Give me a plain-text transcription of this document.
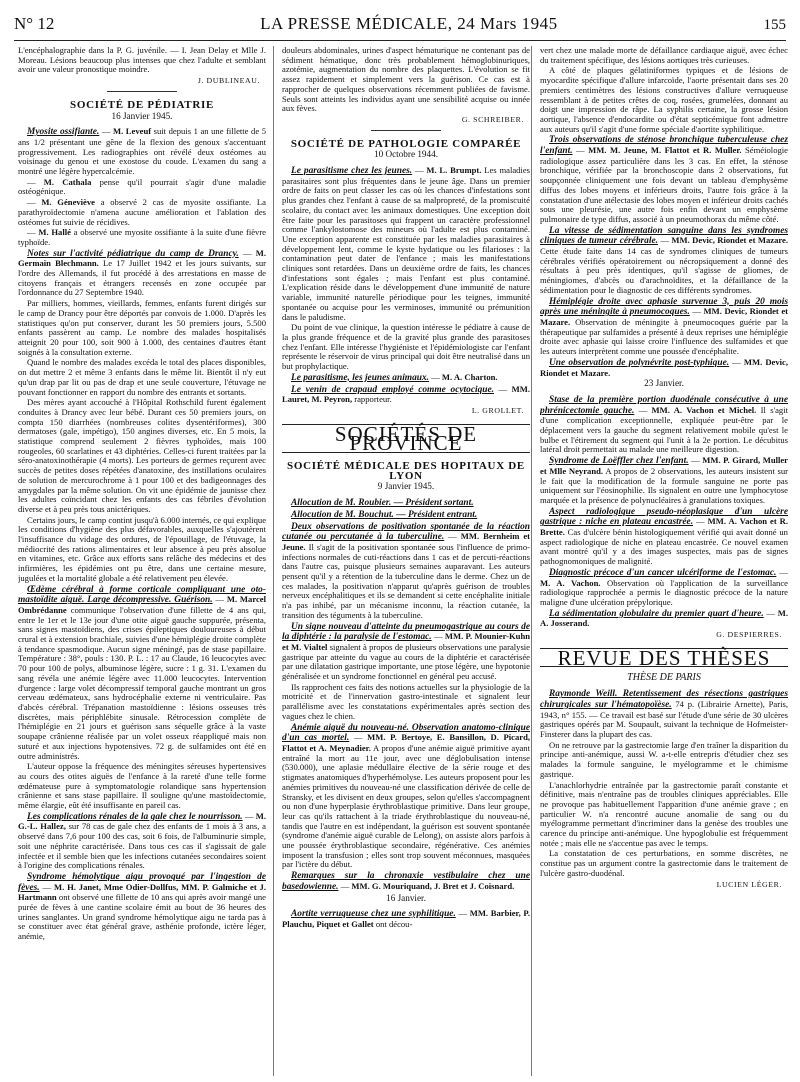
N° 12	LA PRESSE MÉDICALE, 24 Mars 1945	155

L'encéphalographie dans la P. G. juvénile. — I. Jean Delay et Mlle J. Moreau. Lésions beaucoup plus intenses que chez l'adulte et semblant avoir une valeur pronostique moindre.

J. DUBLINEAU.
SOCIÉTÉ DE PÉDIATRIE
16 Janvier 1945.

Myosite ossifiante. — M. Leveuf suit depuis 1 an une fillette de 5 ans 1/2 présentant une gêne de la flexion des genoux s'accentuant progressivement. Les radiographies ont révélé deux ostéomes au voisinage du genou et une exostose du coude. L'examen du sang a montré une légère hypercalcémie.

— M. Cathala pense qu'il pourrait s'agir d'une maladie ostéogénique.

— M. Géneviève a observé 2 cas de myosite ossifiante. La parathyroïdectomie n'amena aucune amélioration et l'ablation des ostéomes fut suivie de récidives.

— M. Hallé a observé une myosite ossifiante à la suite d'une fièvre typhoïde.

Notes sur l'activité pédiatrique du camp de Drancy. — M. Germain Blechmann. Le 17 Juillet 1942 et les jours suivants, sur l'ordre des Allemands, il fut procédé à des arrestations en masse de citoyens français et étrangers recensés en zone occupée par l'ordonnance du 27 Septembre 1940.

Par milliers, hommes, vieillards, femmes, enfants furent dirigés sur le camp de Drancy pour être déportés par convois de 1.000. D'après les statistiques qu'on put conserver, durant les 50 premiers jours, 5.500 enfants passèrent au camp. Le nombre des malades hospitalisés atteignit 20 pour 100, soit 900 à 1.000, des centaines d'autres étant soignés à la consultation externe.

Quand le nombre des malades excéda le total des places disponibles, on dut mettre 2 et même 3 enfants dans le même lit. Bientôt il n'y eut qu'un drap par lit ou pas de drap et une seule couverture, l'étuvage ne pouvant fonctionner en rapport du nombre des entrants et sortants.

Des mères ayant accouché à l'Hôpital Rothschild furent également conduites à Drancy avec leur bébé. Durant ces 50 premiers jours, on compta 150 diarrhées (nombreuses colites dysentériformes), 300 dermatoses (gale, impétigo), 150 angines diverses, etc. En 5 mois, la statistique comprend seulement 2 fièvres typhoïdes, mais 100 rougeoles, 60 scarlatines et 43 diphtéries. Celles-ci furent traitées par la séro-anatoxinothérapie (4 morts). Les porteurs de germes reçurent avec succès de petites doses répétées d'anatoxine, des instillations oculaires de solution de mercurochrome à 1 pour 100 et des badigeonnages des amygdales par la même solution. On vit une épidémie de jaunisse chez les adultes coïncidant chez les enfants des cas fébriles d'évolution diverse et à peu près tous anictériques.

Certains jours, le camp contint jusqu'à 6.000 internés, ce qui explique les conditions d'hygiène des plus défavorables, auxquelles s'ajoutèrent l'insuffisance du vidage des ordures, de l'épouillage, de l'étuvage, la médiocrité des rations alimentaires et leur absence à peu près absolue en vitamines, etc. Grâce aux efforts sans relâche des médecins et des infirmières, les épidémies ont pu être, dans une certaine mesure, jugulées et la mortalité globale a été relativement peu élevée.

Œdème cérébral à forme corticale compliquant une oto-mastoïdite aiguë. Large décompressive. Guérison. — M. Marcel Ombrédanne communique l'observation d'une fillette de 4 ans qui, entre le 1er et le 13e jour d'une otite aiguë gauche suppurée, présenta, sans signes mastoïdiens, des crises épileptiques douloureuses à début crural et à extension brachiale, suivies d'une hémiplégie droite complète à tendance spasmodique. Aucun signe méningé, pas de stase papillaire. Température : 38°, pouls : 130. P. L. : 17 au Claude, 16 leucocytes avec 70 pour 100 de polys, albuminose légère, sucre : 1 g. 31. L'examen du sang révéla une anémie légère avec 11.000 leucocytes. Intervention d'urgence : large volet décompressif temporal gauche montrant un gros cerveau œdémateux, sans hydrocéphalie externe ni ventriculaire. Pas d'abcès cérébral. Trépanation mastoïdienne : lésions osseuses très discrètes, mais périphlébite sinusale. Rétrocession complète de l'hémiplégie en 21 jours et guérison sans séquelle grâce à la vaste soupape crânienne réalisée par un volet osseux réappliqué mais non suturé et aux injections hypotensives. 72 g. de sulfamides ont été en outre administrés.

L'auteur oppose la fréquence des méningites séreuses hypertensives au cours des otites aiguës de l'enfance à la rareté d'une telle forme œdémateuse pure à symptomatologie rolandique sans hypertension crânienne et sans stase papillaire. Il souligne qu'une mastoïdectomie, même élargie, eût été insuffisante en pareil cas.

Les complications rénales de la gale chez le nourrisson. — M. G.-L. Hallez, sur 78 cas de gale chez des enfants de 1 mois à 3 ans, a observé dans 7,6 pour 100 des cas, soit 6 fois, de l'albuminurie simple, soit une néphrite caractérisée. Dans tous ces cas il s'agissait de gale infectée et il semble bien que les infections cutanées secondaires soient à l'origine des complications rénales.

Syndrome hémolytique aigu provoqué par l'ingestion de fèves. — M. H. Janet, Mme Odier-Dollfus, MM. P. Galmiche et J. Hartmann ont observé une fillette de 10 ans qui après avoir mangé une purée de fèves à une cantine scolaire émit au bout de 36 heures des urines sanglantes. Un grand syndrome hémolytique aigu ne tarda pas à se constituer avec état général grave, asthénie profonde, ictère léger, anémie,

douleurs abdominales, urines d'aspect hématurique ne contenant pas de sédiment hématique, donc très probablement hémoglobinuriques, azotémie, augmentation du nombre des plaquettes. L'évolution se fit assez rapidement et simplement vers la guérison. Ce cas est à rapprocher de quelques observations récemment publiées de favisme. Seuls sont atteints les individus ayant une sensibilité acquise ou innée aux fèves.

G. SCHREIBER.
SOCIÉTÉ DE PATHOLOGIE COMPARÉE
10 Octobre 1944.

Le parasitisme chez les jeunes. — M. L. Brumpt. Les maladies parasitaires sont plus fréquentes dans le jeune âge. Dans un premier ordre de faits on peut classer les cas où les chances d'infestations sont plus grandes chez l'enfant à cause de sa malpropreté, de la promiscuité scolaire, du contact avec les animaux domestiques. Une exception doit être faite pour les parasitoses qui frappent un caractère professionnel comme l'ankylostomose des mineurs où l'adulte est plus contaminé. Une exception apparente est constituée par les maladies parasitaires à développement lent, comme le kyste hydatique ou les filarioses : la contamination peut dater de l'enfance ; mais les manifestations cliniques sont retardées. Dans un deuxième ordre de faits, les chances d'infestations sont égales ; mais l'enfant est plus contaminé. L'explication réside dans le développement d'une immunité de nature variable, immunité naturelle périodique pour les teignes, immunité spontanée ou acquise pour les verminoses, immunité ou prémunition dans le paludisme.

Du point de vue clinique, la question intéresse le pédiatre à cause de la plus grande fréquence et de la gravité plus grande des parasitoses chez l'enfant. Elle intéresse l'hygiéniste et l'épidémiologiste car l'enfant représente le réservoir de virus principal qui doit être neutralisé dans un but prophylactique.

Le parasitisme, les jeunes animaux. — M. A. Charton.

Le venin de crapaud employé comme ocytocique. — MM. Lauret, M. Peyron, rapporteur.

L. GROLLET.
SOCIÉTÉS DE PROVINCE
SOCIÉTÉ MÉDICALE DES HOPITAUX DE LYON
9 Janvier 1945.

Allocution de M. Roubier. — Président sortant.

Allocution de M. Bouchut. — Président entrant.

Deux observations de positivation spontanée de la réaction cutanée ou percutanée à la tuberculine. — MM. Bernheim et Jeune. Il s'agit de la positivation spontanée sous l'influence de primo-infections normales de cuti-réactions dans 1 cas et de percuti-réactions dans l'autre cas, puisque plusieurs semaines auparavant. Les auteurs pensent qu'il y a rétention de la tuberculine dans le derme. Chez un de ces malades, la positivation n'apparut qu'après guérison de troubles nerveux encéphalitiques et ils se demandent si cette encéphalite initiale n'a pas inhibé, par un mécanisme inconnu, la réaction cutanée, la transition des téguments à la tuberculine.

Un signe nouveau d'atteinte du pneumogastrique au cours de la diphtérie : la paralysie de l'estomac. — MM. P. Mounier-Kuhn et M. Vialtel signalent à propos de plusieurs observations une paralysie gastrique par atteinte du vague au cours de la diphtérie et caractérisée par une dilatation gastrique importante, une ptose légère, une hypotonie généralisée et un syndrome fonctionnel en général peu accusé.

Ils rapprochent ces faits des notions actuelles sur la physiologie de la motricité et de l'innervation gastro-intestinale et signalent leur parallélisme avec les constatations expérimentales après section des vagues chez le chien.

Anémie aiguë du nouveau-né. Observation anatomo-clinique d'un cas mortel. — MM. P. Bertoye, E. Bansillon, D. Picard, Flattot et A. Meynadier. A propos d'une anémie aiguë primitive ayant entraîné la mort au 11e jour, avec une déglobulisation intense (530.000), une aplasie médullaire élective de la série rouge et des stigmates anatomiques d'hyperhémolyse. Les auteurs proposent pour les anémies primitives du nouveau-né une classification dérivée de celle de Stransky, et les divisent en deux groupes, selon qu'elles s'accompagnent ou non d'une hyperplasie érythroblastique primitive. Dans leur groupe, leur cas qu'ils rattachent à la triade érythroblastique du nouveau-né, tandis que l'autre en est indépendant, la guérison est souvent spontanée (syndrome d'anémie aiguë curable de Lelong), on assiste alors parfois à une poussée érythroblastique secondaire, régénérative. Ces anémies imposent la transfusion ; elles sont trop souvent méconnues, masquées par l'ictère du début.

Remarques sur la chronaxie vestibulaire chez une basedowienne. — MM. G. Mouriquand, J. Bret et J. Coisnard.

16 Janvier.

Aortite verruqueuse chez une syphilitique. — MM. Barbier, P. Plauchu, Piquet et Gallet ont décou-

vert chez une malade morte de défaillance cardiaque aiguë, avec échec du traitement spécifique, des lésions aortiques très curieuses.

A côté de plaques gélatiniformes typiques et de lésions de myocardite spécifique d'allure infarcoïde, l'aorte présentait dans ses 20 premiers centimètres des lésions constructives d'allure verruqueuse ressemblant à de petites crêtes de coq, rosées, grumelées, donnant au doigt une impression de râpe. La syphilis certaine, la grosse lésion aortique, l'absence d'endocardite ou d'état septicémique font admettre aux auteurs qu'il s'agit d'une forme spéciale d'aortite syphilitique.

Trois observations de sténose bronchique tuberculeuse chez l'enfant. — MM. M. Jeune, M. Flattot et R. Muller. Séméiologie radiologique assez particulière dans les 3 cas. En effet, la sténose bronchique, vérifiée par la bronchoscopie dans 2 observations, fut soupçonnée cliniquement une fois devant un tableau d'emphysème diffus des lobes moyens et inférieurs droits, l'autre fois grâce à la constatation d'une atélectasie des lobes moyen et inférieur droits cachés sous une pleurésie, une autre fois enfin devant un emphysème pulmonaire de type diffus, associé à un pneumothorax du même côté.

La vitesse de sédimentation sanguine dans les syndromes cliniques de tumeur cérébrale. — MM. Devic, Riondet et Mazare. Cette étude faite dans 14 cas de syndromes cliniques de tumeurs cérébrales vérifiés opératoirement ou nécropsiquement a donné des résultats à peu près identiques, qu'il s'agisse de gliomes, de méningiomes, d'abcès ou d'arachnoïdites, et la défaillance de la sédimentation pour le diagnostic de ces différents syndromes.

Hémiplégie droite avec aphasie survenue 3, puis 20 mois après une méningite à pneumocoques. — MM. Devic, Riondet et Mazare. Observation de méningite à pneumocoques guérie par la thérapeutique par sulfamides a présenté à deux reprises une hémiplégie droite avec aphasie qui laisse croire l'influence des sulfamides et que les auteurs interprètent comme une poussée d'encéphalite.

Une observation de polynévrite post-typhique. — MM. Devic, Riondet et Mazare.

23 Janvier.

Stase de la première portion duodénale consécutive à une phrénicectomie gauche. — MM. A. Vachon et Michel. Il s'agit d'une complication exceptionnelle, expliquée peut-être par le déplacement vers la gauche du segment relativement mobile qu'est le bulbe et l'étirement du segment qui l'unit à la 2e portion. Le décubitus latéral droit permettait au malade une meilleure digestion.

Syndrome de Loëffler chez l'enfant. — MM. P. Girard, Muller et Mlle Neyrand. A propos de 2 observations, les auteurs insistent sur le fait que la modification de la formule sanguine ne porte pas uniquement sur l'éosinophilie. Ils signalent en outre une lymphocytose marquée et la présence de polynucléaires à granulations toxiques.

Aspect radiologique pseudo-néoplasique d'un ulcère gastrique : niche en plateau encastrée. — MM. A. Vachon et R. Brette. Cas d'ulcère bénin histologiquement vérifié qui avait donné un aspect radiologique de niche en plateau encastrée. Ce nouvel examen avant montré qu'il y a des images suspectes, mais pas de signes pathognomoniques de malignité.

Diagnostic précoce d'un cancer ulcériforme de l'estomac. — M. A. Vachon. Observation où l'application de la surveillance radiologique rapprochée a permis le diagnostic précoce de la nature maligne d'une ulcération prépylorique.

La sédimentation globulaire du premier quart d'heure. — M. A. Josserand.

G. DESPIERRES.
REVUE DES THÈSES
THÈSE DE PARIS

Raymonde Weill. Retentissement des résections gastriques chirurgicales sur l'hématopoïèse. 74 p. (Librairie Arnette), Paris, 1943, n° 155. — Ce travail est basé sur l'étude d'une série de 30 ulcères gastriques opérés par M. Soupault, suivant la technique de Hofmeister-Finsterer dans la plupart des cas.

On ne retrouve par la gastrectomie large d'en traîner la disparition du principe anti-anémique, aussi W. a-t-elle entrepris d'étudier chez ses malades la formule sanguine, le myélogramme et le chimisme gastrique.

L'anachlorhydrie entraînée par la gastrectomie paraît constante et définitive, mais n'entraîne pas de troubles cliniques appréciables. Elle ne provoque pas habituellement l'apparition d'une anémie grave ; en particulier W. n'a rencontré aucune anomalie de sang ou du myélogramme permettant d'incriminer dans la genèse des troubles une carence du principe anti-anémique. Une hypoglobulie est fréquemment notée ; mais elle ne s'accentue pas avec le temps.

La constatation de ces perturbations, en somme discrètes, ne constitue pas un argument contre la gastrectomie dans le traitement de l'ulcère gastro-duodénal.

LUCIEN LÉGER.
